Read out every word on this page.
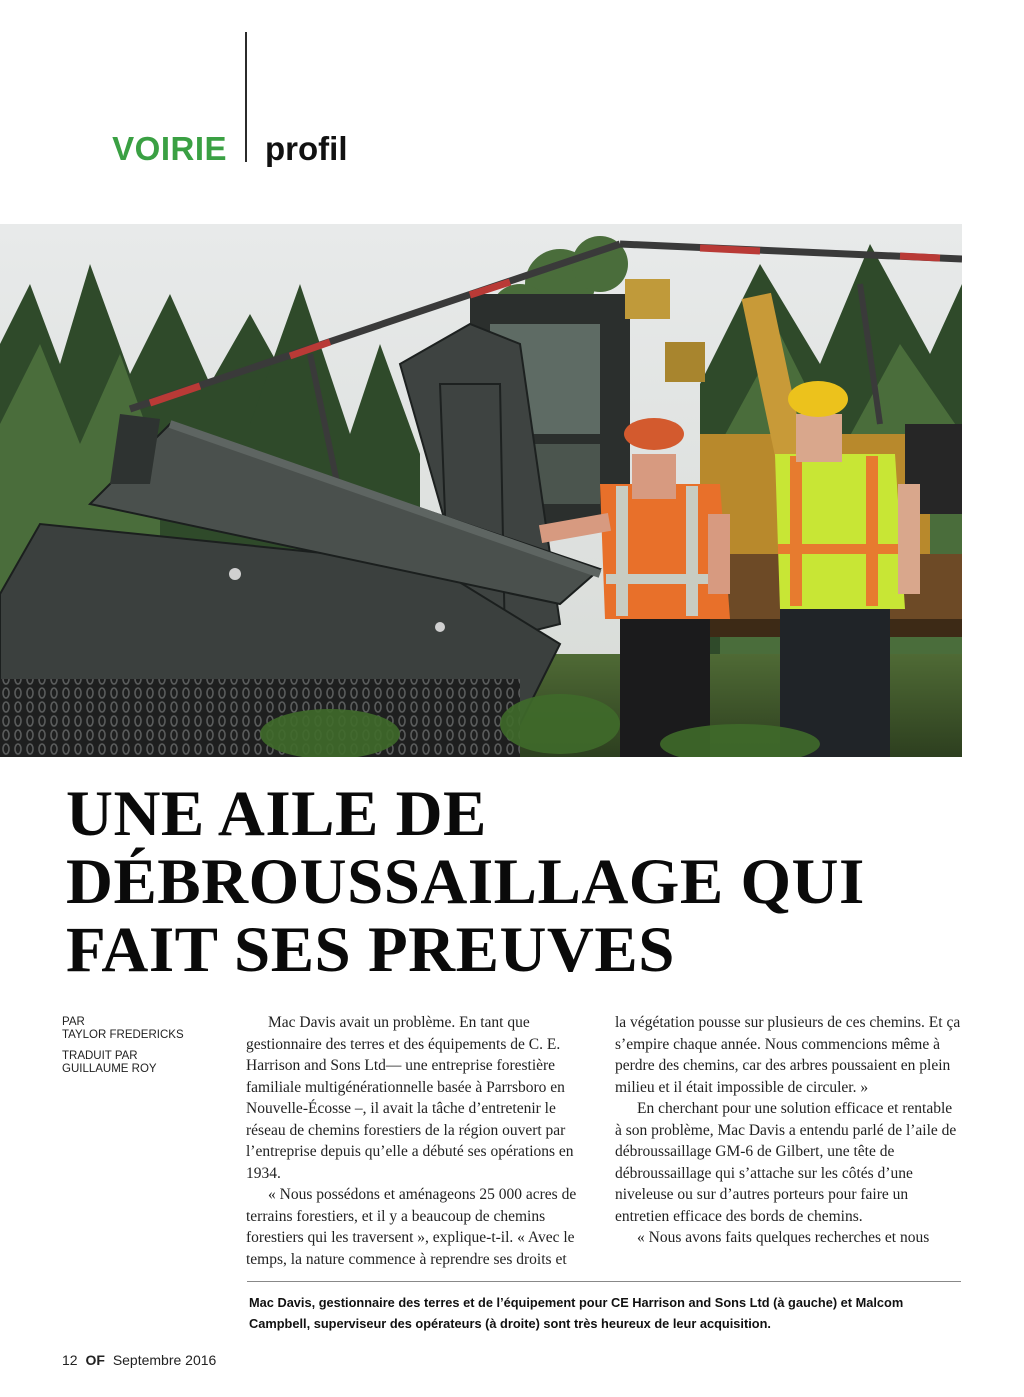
VOIRIE profil
UNE AILE DE
DÉBROUSSAILLAGE QUI
FAIT SES PREUVES
PAR
TAYLOR FREDERICKS
TRADUIT PAR
GUILLAUME ROY

Mac Davis avait un problème. En tant que gestionnaire des terres et des équipements de C. E. Harrison and Sons Ltd— une entreprise forestière familiale multigénérationnelle basée à Parrsboro en Nouvelle-Écosse –, il avait la tâche d’entretenir le réseau de chemins forestiers de la région ouvert par l’entreprise depuis qu’elle a débuté ses opérations en 1934.

« Nous possédons et aménageons 25 000 acres de terrains forestiers, et il y a beaucoup de chemins forestiers qui les traversent », explique-t-il. « Avec le temps, la nature commence à reprendre ses droits et

la végétation pousse sur plusieurs de ces chemins. Et ça s’empire chaque année. Nous commencions même à perdre des chemins, car des arbres poussaient en plein milieu et il était impossible de circuler. »

En cherchant pour une solution efficace et rentable à son problème, Mac Davis a entendu parlé de l’aile de débroussaillage GM-6 de Gilbert, une tête de débroussaillage qui s’attache sur les côtés d’une niveleuse ou sur d’autres porteurs pour faire un entretien efficace des bords de chemins.

« Nous avons faits quelques recherches et nous

Mac Davis, gestionnaire des terres et de l’équipement pour CE Harrison and Sons Ltd (à gauche) et Malcom Campbell, superviseur des opérateurs (à droite) sont très heureux de leur acquisition.

12 OF Septembre 2016
